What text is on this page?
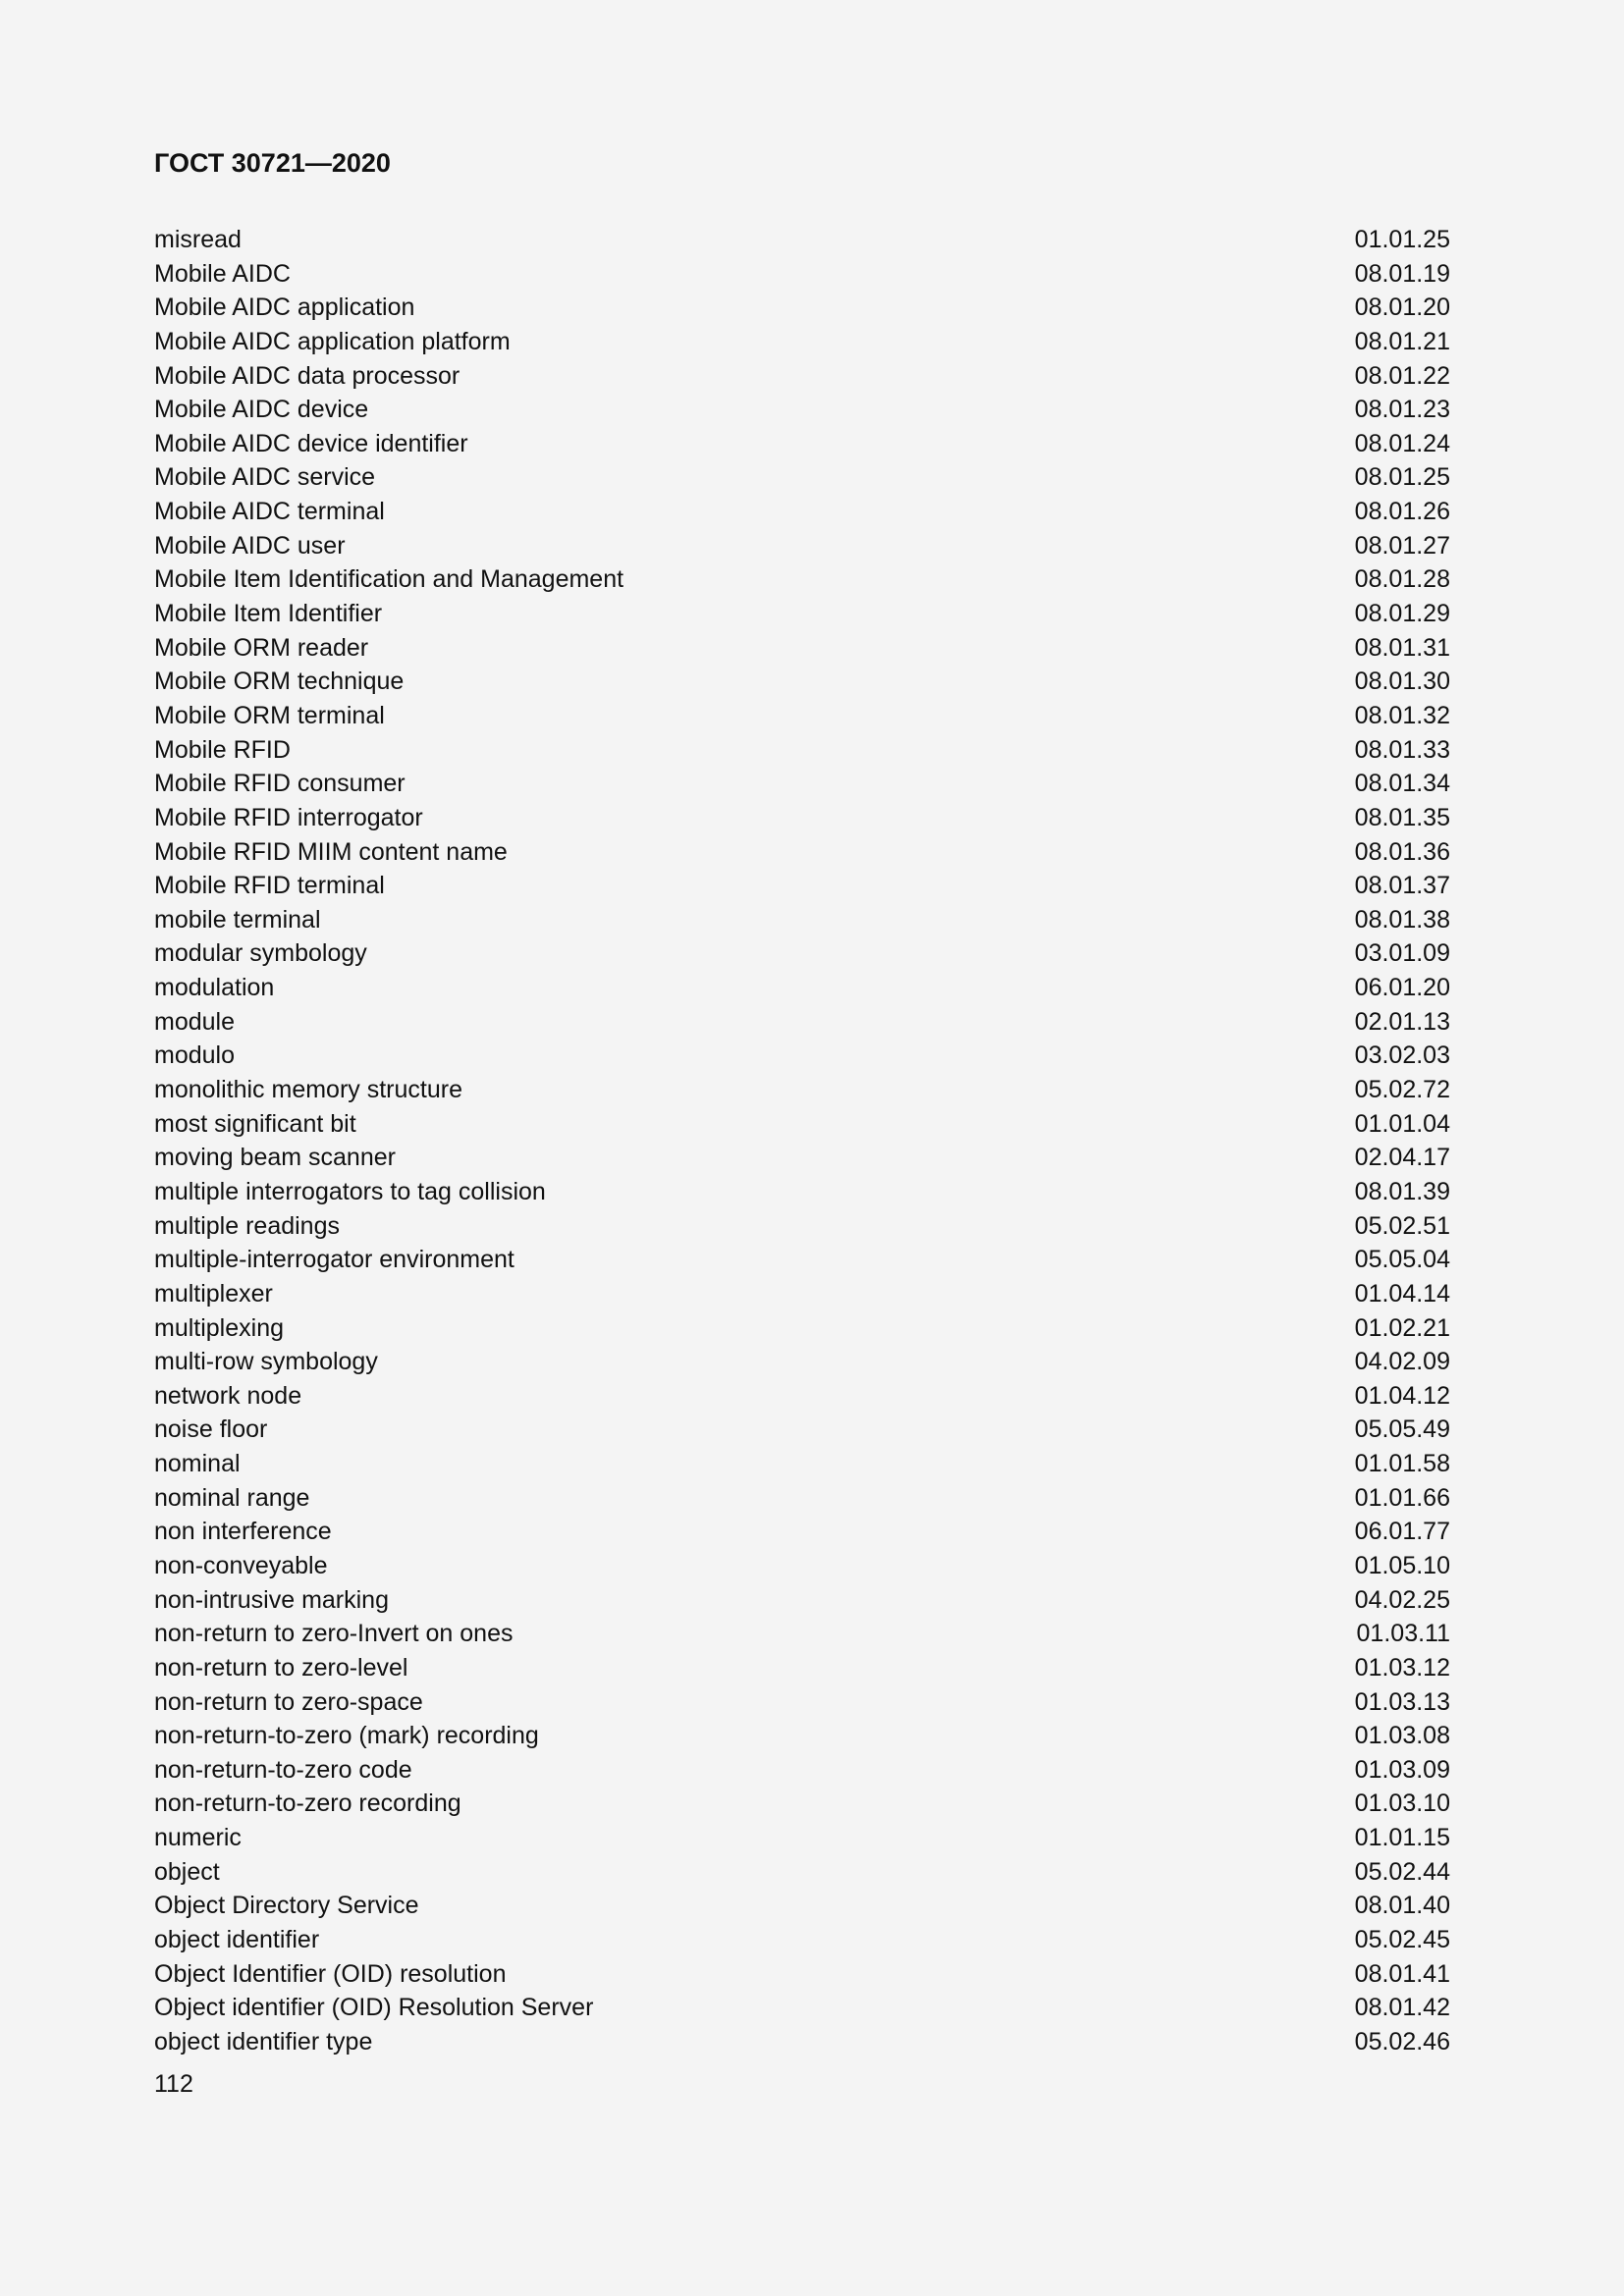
ГОСТ 30721—2020
misread	01.01.25
Mobile AIDC	08.01.19
Mobile AIDC application	08.01.20
Mobile AIDC application platform	08.01.21
Mobile AIDC data processor	08.01.22
Mobile AIDC device	08.01.23
Mobile AIDC device identifier	08.01.24
Mobile AIDC service	08.01.25
Mobile AIDC terminal	08.01.26
Mobile AIDC user	08.01.27
Mobile Item Identification and Management	08.01.28
Mobile Item Identifier	08.01.29
Mobile ORM reader	08.01.31
Mobile ORM technique	08.01.30
Mobile ORM terminal	08.01.32
Mobile RFID	08.01.33
Mobile RFID consumer	08.01.34
Mobile RFID interrogator	08.01.35
Mobile RFID MIIM content name	08.01.36
Mobile RFID terminal	08.01.37
mobile terminal	08.01.38
modular symbology	03.01.09
modulation	06.01.20
module	02.01.13
modulo	03.02.03
monolithic memory structure	05.02.72
most significant bit	01.01.04
moving beam scanner	02.04.17
multiple interrogators to tag collision	08.01.39
multiple readings	05.02.51
multiple-interrogator environment	05.05.04
multiplexer	01.04.14
multiplexing	01.02.21
multi-row symbology	04.02.09
network node	01.04.12
noise floor	05.05.49
nominal	01.01.58
nominal range	01.01.66
non interference	06.01.77
non-conveyable	01.05.10
non-intrusive marking	04.02.25
non-return to zero-Invert on ones	01.03.11
non-return to zero-level	01.03.12
non-return to zero-space	01.03.13
non-return-to-zero (mark) recording	01.03.08
non-return-to-zero code	01.03.09
non-return-to-zero recording	01.03.10
numeric	01.01.15
object	05.02.44
Object Directory Service	08.01.40
object identifier	05.02.45
Object Identifier (OID) resolution	08.01.41
Object identifier (OID) Resolution Server	08.01.42
object identifier type	05.02.46
112
